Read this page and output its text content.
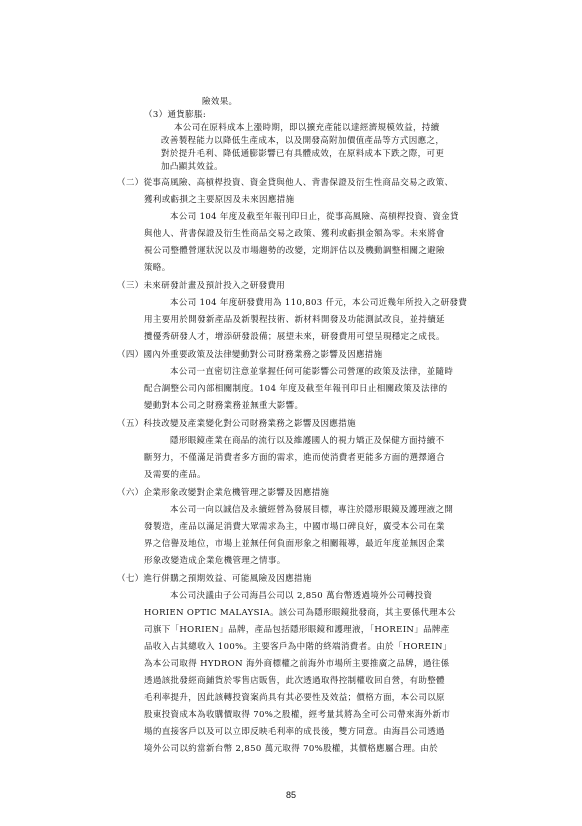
險效果。
（3）通貨膨脹:
本公司在原料成本上漲時期，即以擴充產能以達經濟規模效益，持續
改善製程能力以降低生產成本，以及開發高附加價值產品等方式因應之，
對於提升毛利、降低通膨影響已有具體成效，在原料成本下跌之際，可更
加凸顯其效益。
（二）從事高風險、高槓桿投資、資金貸與他人、背書保證及衍生性商品交易之政策、
獲利或虧損之主要原因及未來因應措施
本公司 104 年度及截至年報刊印日止，從事高風險、高槓桿投資、資金貸
與他人、背書保證及衍生性商品交易之政策、獲利或虧損金額為零。未來將會
視公司整體營運狀況以及市場趨勢的改變，定期評估以及機動調整相關之避險
策略。
（三）未來研發計畫及預計投入之研發費用
本公司 104 年度研發費用為 110,803 仟元，本公司近幾年所投入之研發費
用主要用於開發新產品及新製程技術、新材料開發及功能測試改良，並持續延
攬優秀研發人才，增添研發設備；展望未來，研發費用可望呈現穩定之成長。
（四）國內外重要政策及法律變動對公司財務業務之影響及因應措施
本公司一直密切注意並掌握任何可能影響公司營運的政策及法律，並隨時
配合調整公司內部相關制度。104 年度及截至年報刊印日止相關政策及法律的
變動對本公司之財務業務並無重大影響。
（五）科技改變及產業變化對公司財務業務之影響及因應措施
隱形眼鏡產業在商品的流行以及維護國人的視力矯正及保健方面持續不
斷努力，不僅滿足消費者多方面的需求，進而使消費者更能多方面的選擇適合
及需要的產品。
（六）企業形象改變對企業危機管理之影響及因應措施
本公司一向以誠信及永續經營為發展目標，專注於隱形眼鏡及護理液之開
發製造，產品以滿足消費大眾需求為主，中國市場口碑良好，廣受本公司在業
界之信譽及地位，市場上並無任何負面形象之相關報導，最近年度並無因企業
形象改變造成企業危機管理之情事。
（七）進行併購之預期效益、可能風險及因應措施
本公司決議由子公司海昌公司以 2,850 萬台幣透過境外公司轉投資
HORIEN OPTIC MALAYSIA。該公司為隱形眼鏡批發商，其主要係代理本公
司旗下「HORIEN」品牌，產品包括隱形眼鏡和護理液，「HOREIN」品牌產
品收入占其總收入 100%。主要客戶為中階的終端消費者。由於「HOREIN」
為本公司取得 HYDRON 海外商標權之前海外市場所主要推廣之品牌，過往係
透過該批發經商鋪貨於零售店販售，此次透過取得控制權收回自營，有助整體
毛利率提升，因此該轉投資案尚具有其必要性及效益；價格方面，本公司以原
股東投資成本為收購價取得 70%之股權，經考量其將為全可公司帶來海外新市
場的直接客戶以及可以立即反映毛利率的成長後，雙方同意。由海昌公司透過
境外公司以約當新台幣 2,850 萬元取得 70%股權，其價格應屬合理。由於
85
